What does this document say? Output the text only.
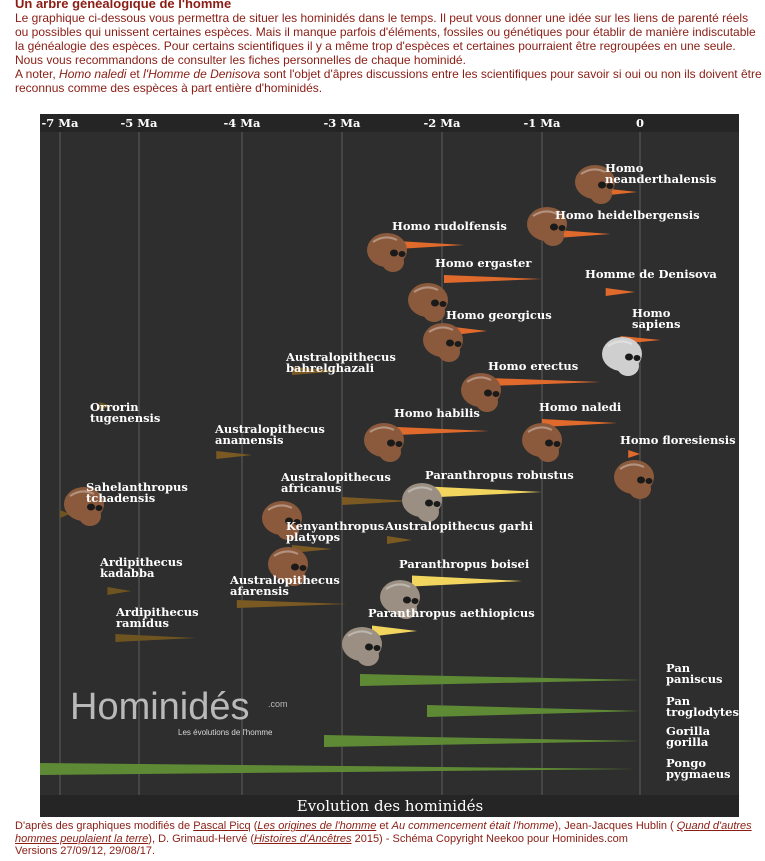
Un arbre généalogique de l'homme

Le graphique ci-dessous vous permettra de situer les hominidés dans le temps. Il peut vous donner une idée sur les liens de parenté réels

ou possibles qui unissent certaines espèces. Mais il manque parfois d'éléments, fossiles ou génétiques pour établir de manière indiscutable

la généalogie des espèces. Pour certains scientifiques il y a même trop d'espèces et certaines pourraient être regroupées en une seule.

Nous vous recommandons de consulter les fiches personnelles de chaque hominidé.

A noter, Homo naledi et l'Homme de Denisova sont l'objet d'âpres discussions entre les scientifiques pour savoir si oui ou non ils doivent être

reconnus comme des espèces à part entière d'hominidés.

Hominidés .com
Les évolutions de l'homme
Homo neanderthalensis
Homo heidelbergensis
Homo rudolfensis
Homo ergaster
Homme de Denisova
Homo georgicus	Homo sapiens
Australopithecus bahrelghazali	Homo erectus
Orrorin tugenensis	Homo habilis	Homo naledi
Australopithecus anamensis	Homo floresiensis
Sahelanthropus tchadensis
Australopithecus africanus
Paranthropus robustus
Kenyanthropus platyops
Australopithecus garhi
Ardipithecus kadabba
Paranthropus boisei
Australopithecus afarensis
Ardipithecus ramidus
Paranthropus aethiopicus
Pan paniscus
Pan troglodytes
Gorilla gorilla
Pongo pygmaeus
-7 Ma	-5 Ma	-4 Ma	-3 Ma	-2 Ma	-1 Ma	0
Evolution des hominidés

D'après des graphiques modifiés de Pascal Picq (Les origines de l'homme et Au commencement était l'homme), Jean-Jacques Hublin ( Quand d'autres

hommes peuplaient la terre), D. Grimaud-Hervé (Histoires d'Ancêtres 2015) - Schéma Copyright Neekoo pour Hominides.com

Versions 27/09/12, 29/08/17.
